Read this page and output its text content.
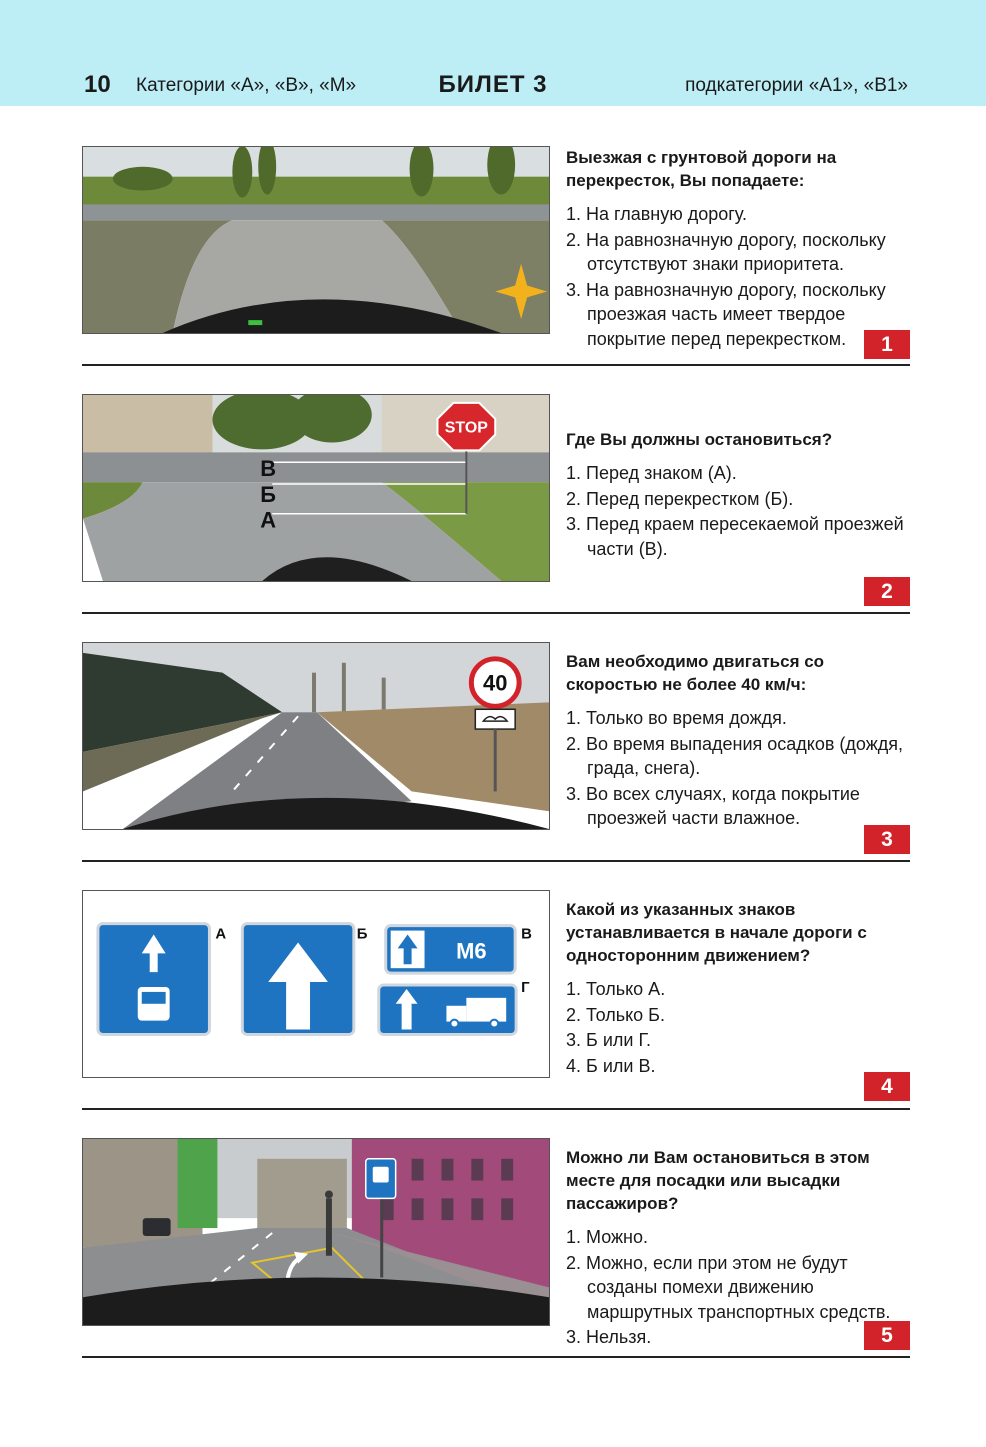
10 Категории «А», «В», «М»	БИЛЕТ 3	подкатегории «А1», «В1»
Выезжая с грунтовой дороги на перекресток, Вы попадаете:
1. На главную дорогу.
2. На равнозначную дорогу, поскольку отсутствуют знаки приоритета.
3. На равнозначную дорогу, поскольку проезжая часть имеет твердое покрытие перед перекрестком.	1
STOP
В
Б
А
Где Вы должны остановиться?
1. Перед знаком (А).
2. Перед перекрестком (Б).
3. Перед краем пересекаемой проезжей части (В).
2
40
Вам необходимо двигаться со скоростью не более 40 км/ч:
1. Только во время дождя.
2. Во время выпадения осадков (дождя, града, снега).
3. Во всех случаях, когда покрытие проезжей части влажное.
3
А	Б
M6
В
Г
Какой из указанных знаков устанавливается в начале дороги с односторонним движением?
1. Только А.
2. Только Б.
3. Б или Г.
4. Б или В.
4
Можно ли Вам остановиться в этом месте для посадки или высадки пассажиров?
1. Можно.
2. Можно, если при этом не будут созданы помехи движению маршрутных транспортных средств.
3. Нельзя.	5
